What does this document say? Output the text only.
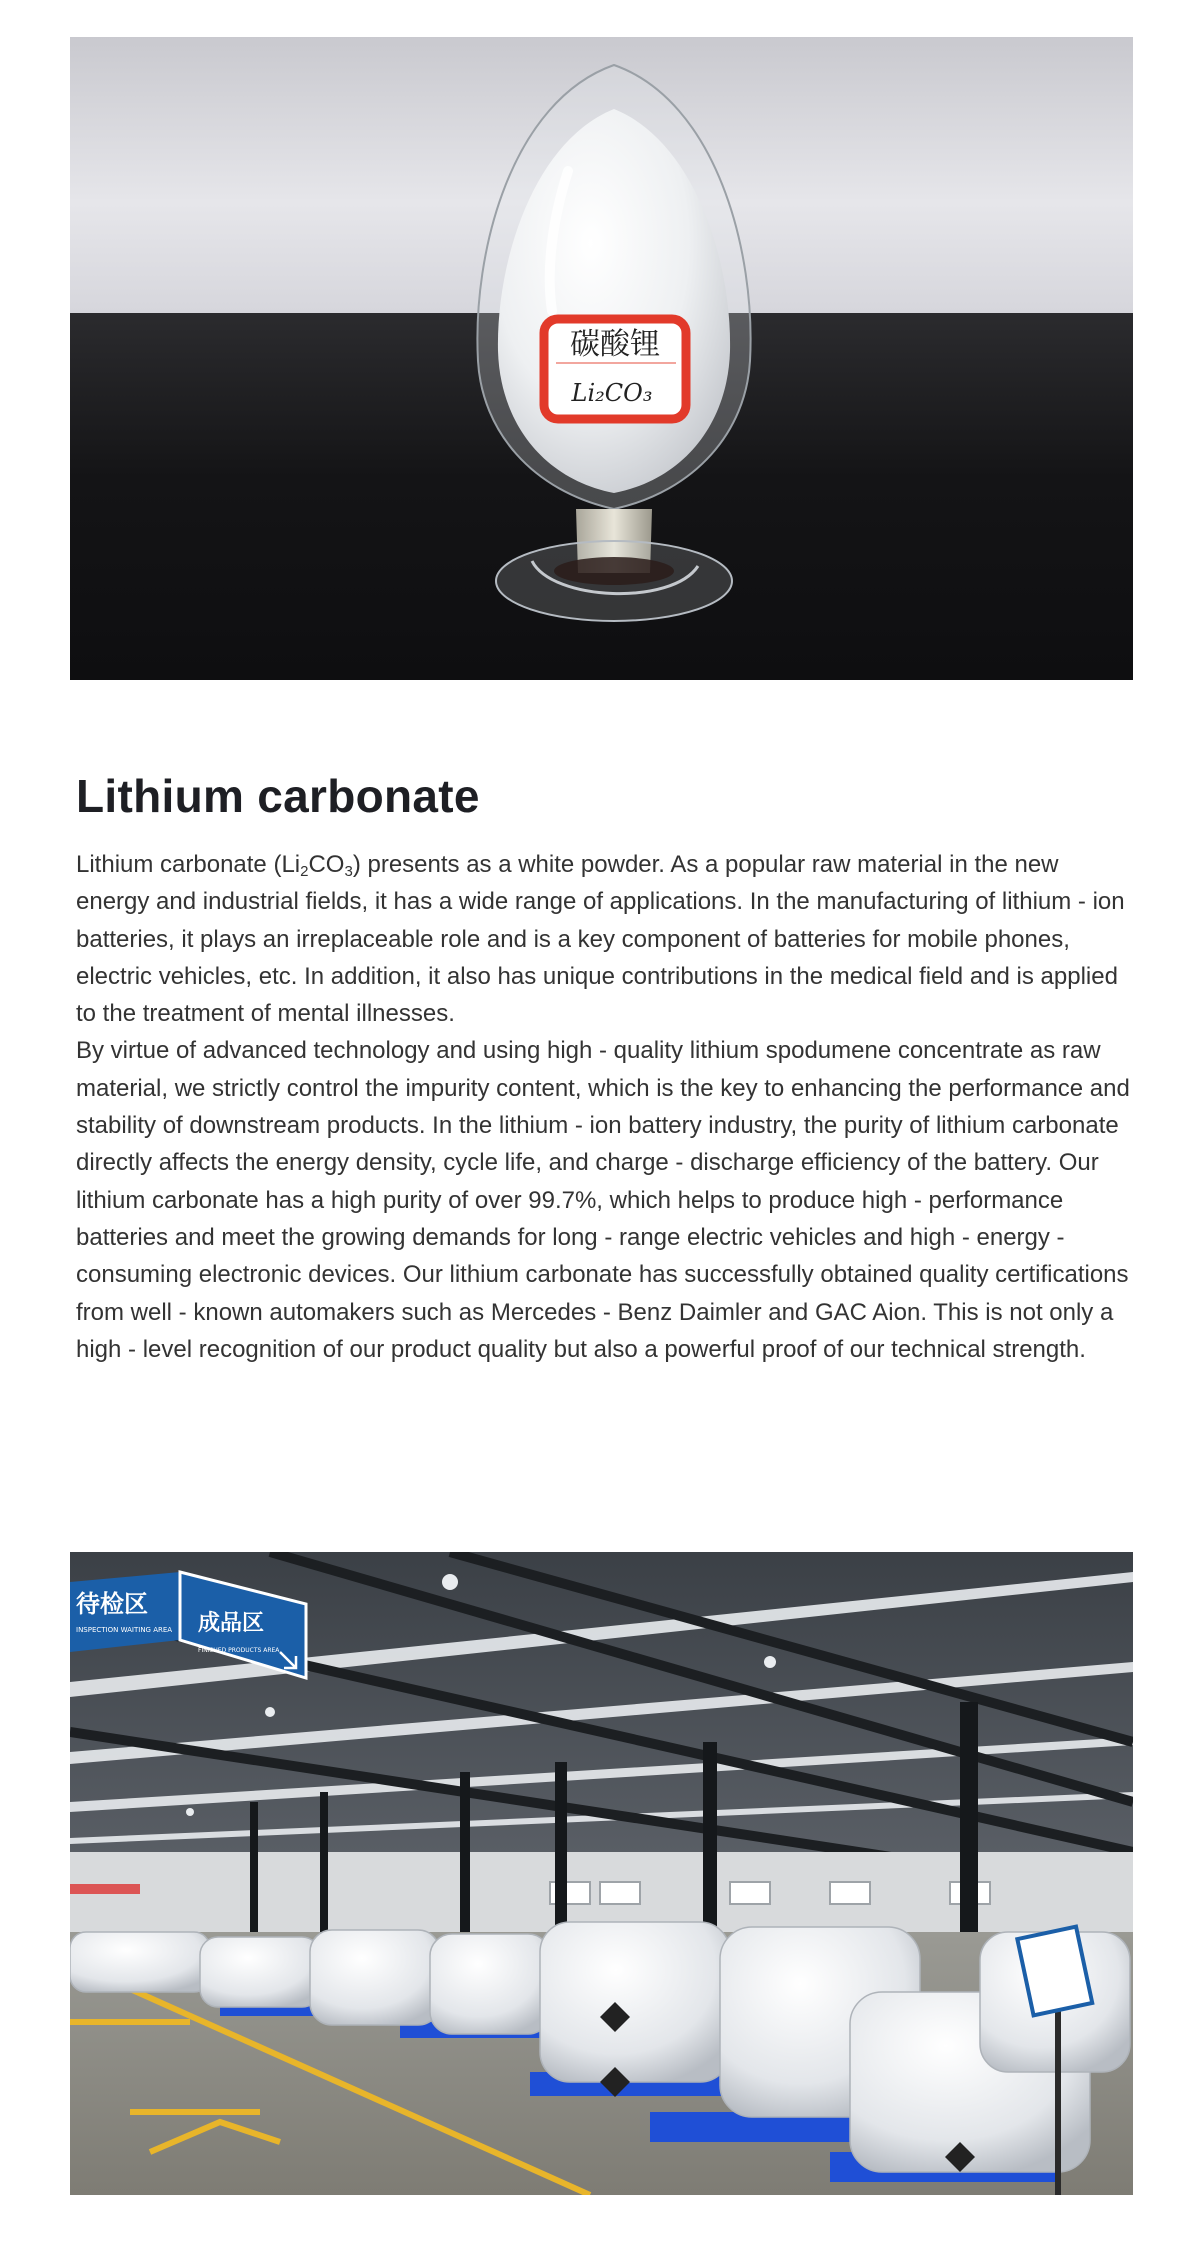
碳酸锂
Li₂CO₃
Lithium carbonate

Lithium carbonate $(Li_2CO_3)$ presents as a white powder. As a popular raw material in the new energy and industrial fields, it has a wide range of applications. In the manufacturing of lithium - ion batteries, it plays an irreplaceable role and is a key component of batteries for mobile phones, electric vehicles, etc. In addition, it also has unique contributions in the medical field and is applied to the treatment of mental illnesses.

By virtue of advanced technology and using high - quality lithium spodumene concentrate as raw material, we strictly control the impurity content, which is the key to enhancing the performance and stability of downstream products. In the lithium - ion battery industry, the purity of lithium carbonate directly affects the energy density, cycle life, and charge - discharge efficiency of the battery. Our lithium carbonate has a high purity of over 99.7%, which helps to produce high - performance batteries and meet the growing demands for long - range electric vehicles and high - energy - consuming electronic devices. Our lithium carbonate has successfully obtained quality certifications from well - known automakers such as Mercedes - Benz Daimler and GAC Aion. This is not only a high - level recognition of our product quality but also a powerful proof of our technical strength.

待检区
INSPECTION WAITING AREA 成品区
FINISHED PRODUCTS AREA
